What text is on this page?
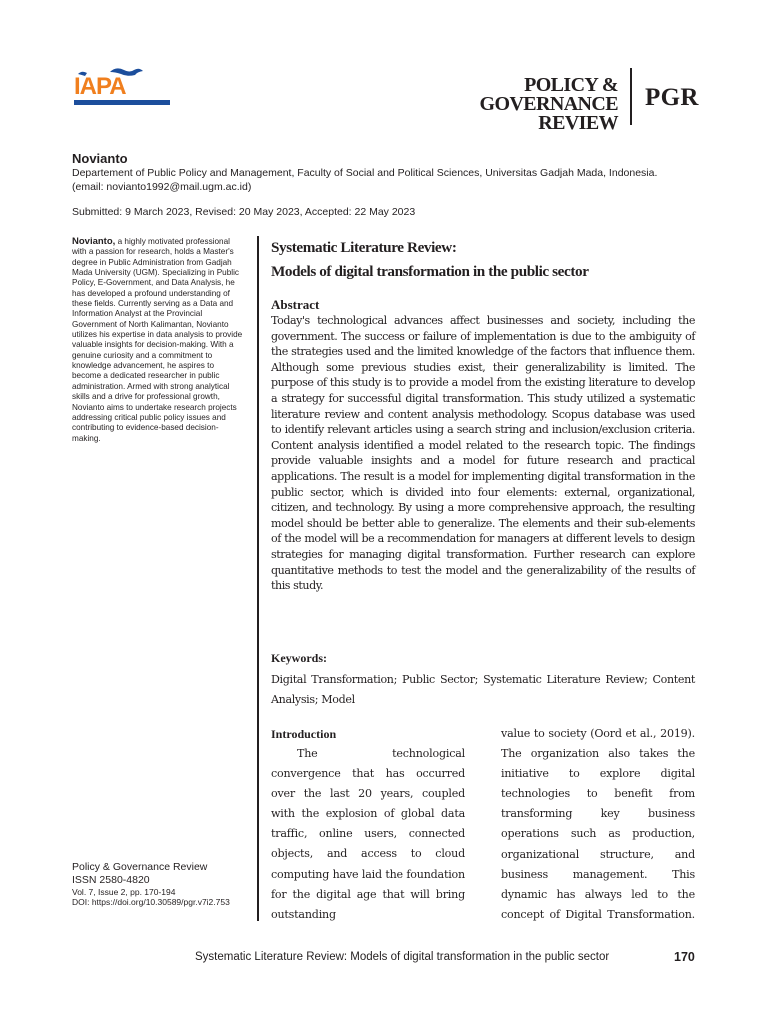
IAPA	POLICY & GOVERNANCE
REVIEW
PGR
Novianto
Departement of Public Policy and Management, Faculty of Social and Political Sciences, Universitas Gadjah Mada, Indonesia.
(email: novianto1992@mail.ugm.ac.id)
Submitted: 9 March 2023, Revised: 20 May 2023, Accepted: 22 May 2023
Novianto, a highly motivated professional with a passion for research, holds a Master's degree in Public Administration from Gadjah Mada University (UGM). Specializing in Public Policy, E-Government, and Data Analysis, he has developed a profound understanding of these fields. Currently serving as a Data and Information Analyst at the Provincial Government of North Kalimantan, Novianto utilizes his expertise in data analysis to provide valuable insights for decision-making. With a genuine curiosity and a commitment to knowledge advancement, he aspires to become a dedicated researcher in public administration. Armed with strong analytical skills and a drive for professional growth, Novianto aims to undertake research projects addressing critical public policy issues and contributing to evidence-based decision-making.
Policy & Governance Review
ISSN 2580-4820
Vol. 7, Issue 2, pp. 170-194
DOI: https://doi.org/10.30589/pgr.v7i2.753
Systematic Literature Review:
Models of digital transformation in the public sector
Abstract
Today's technological advances affect businesses and society, including the government. The success or failure of implementation is due to the ambiguity of the strategies used and the limited knowledge of the factors that influence them. Although some previous studies exist, their generalizability is limited. The purpose of this study is to provide a model from the existing literature to develop a strategy for successful digital transformation. This study utilized a systematic literature review and content analysis methodology. Scopus database was used to identify relevant articles using a search string and inclusion/exclusion criteria. Content analysis identified a model related to the research topic. The findings provide valuable insights and a model for future research and practical applications. The result is a model for implementing digital transformation in the public sector, which is divided into four elements: external, organizational, citizen, and technology. By using a more comprehensive approach, the resulting model should be better able to generalize. The elements and their sub-elements of the model will be a recommendation for managers at different levels to design strategies for managing digital transformation. Further research can explore quantitative methods to test the model and the generalizability of the results of this study.
Keywords:
Digital Transformation; Public Sector; Systematic Literature Review; Content Analysis; Model
Introduction
The technological convergence that has occurred over the last 20 years, coupled with the explosion of global data traffic, online users, connected objects, and access to cloud computing have laid the foundation for the digital age that will bring outstanding
value to society (Oord et al., 2019). The organization also takes the initiative to explore digital technologies to benefit from transforming key business operations such as production, organizational structure, and business management. This dynamic has always led to the concept of Digital Transformation.
Systematic Literature Review: Models of digital transformation in the public sector	170
